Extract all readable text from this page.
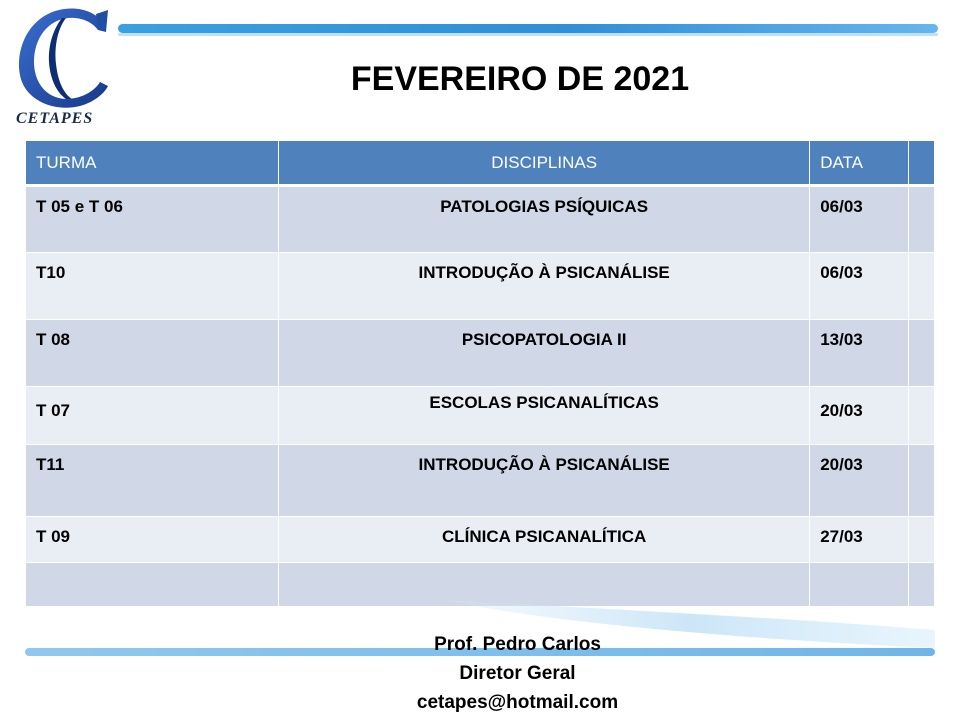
CETAPES
FEVEREIRO DE 2021
TURMA	DISCIPLINAS	DATA	
T 05 e T 06	PATOLOGIAS PSÍQUICAS	06/03	
T10	INTRODUÇÃO À PSICANÁLISE	06/03	
T 08	PSICOPATOLOGIA II	13/03	
T 07	ESCOLAS PSICANALÍTICAS	20/03	
T11	INTRODUÇÃO À PSICANÁLISE	20/03	
T 09	CLÍNICA PSICANALÍTICA	27/03	

Prof. Pedro Carlos
Diretor Geral
cetapes@hotmail.com
